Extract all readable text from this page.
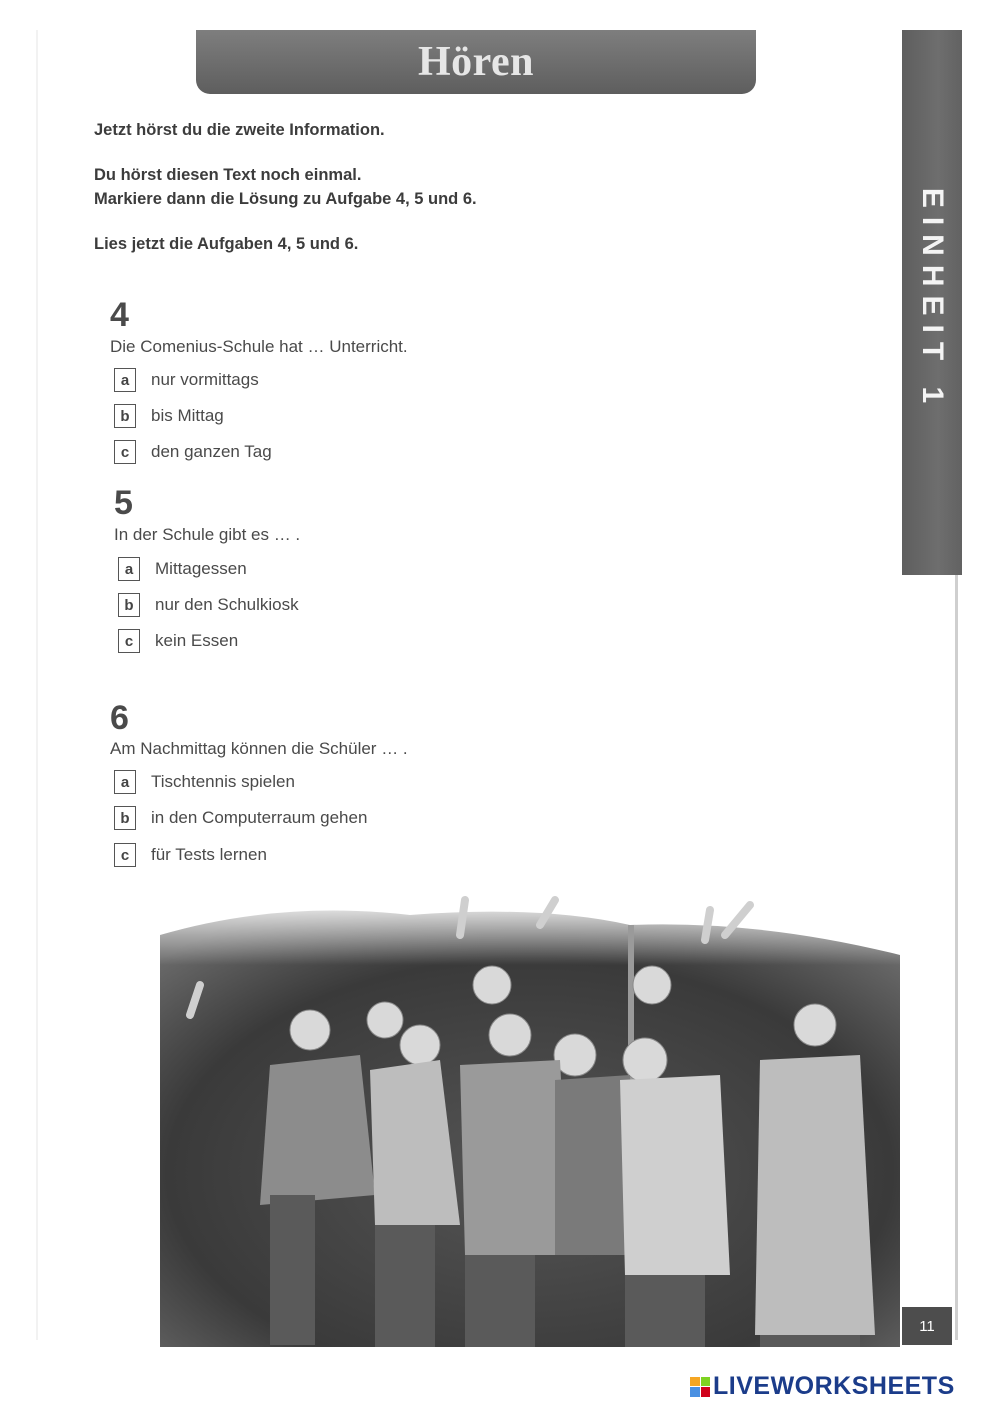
Hören
Jetzt hörst du die zweite Information.
Du hörst diesen Text noch einmal.
Markiere dann die Lösung zu Aufgabe 4, 5 und 6.
Lies jetzt die Aufgaben 4, 5 und 6.
4
Die Comenius-Schule hat … Unterricht.
a	nur vormittags
b	bis Mittag
c	den ganzen Tag
5
In der Schule gibt es … .
a	Mittagessen
b	nur den Schulkiosk
c	kein Essen
6
Am Nachmittag können die Schüler … .
a	Tischtennis spielen
b	in den Computerraum gehen
c	für Tests lernen
EINHEIT 1
11
LIVEWORKSHEETS
